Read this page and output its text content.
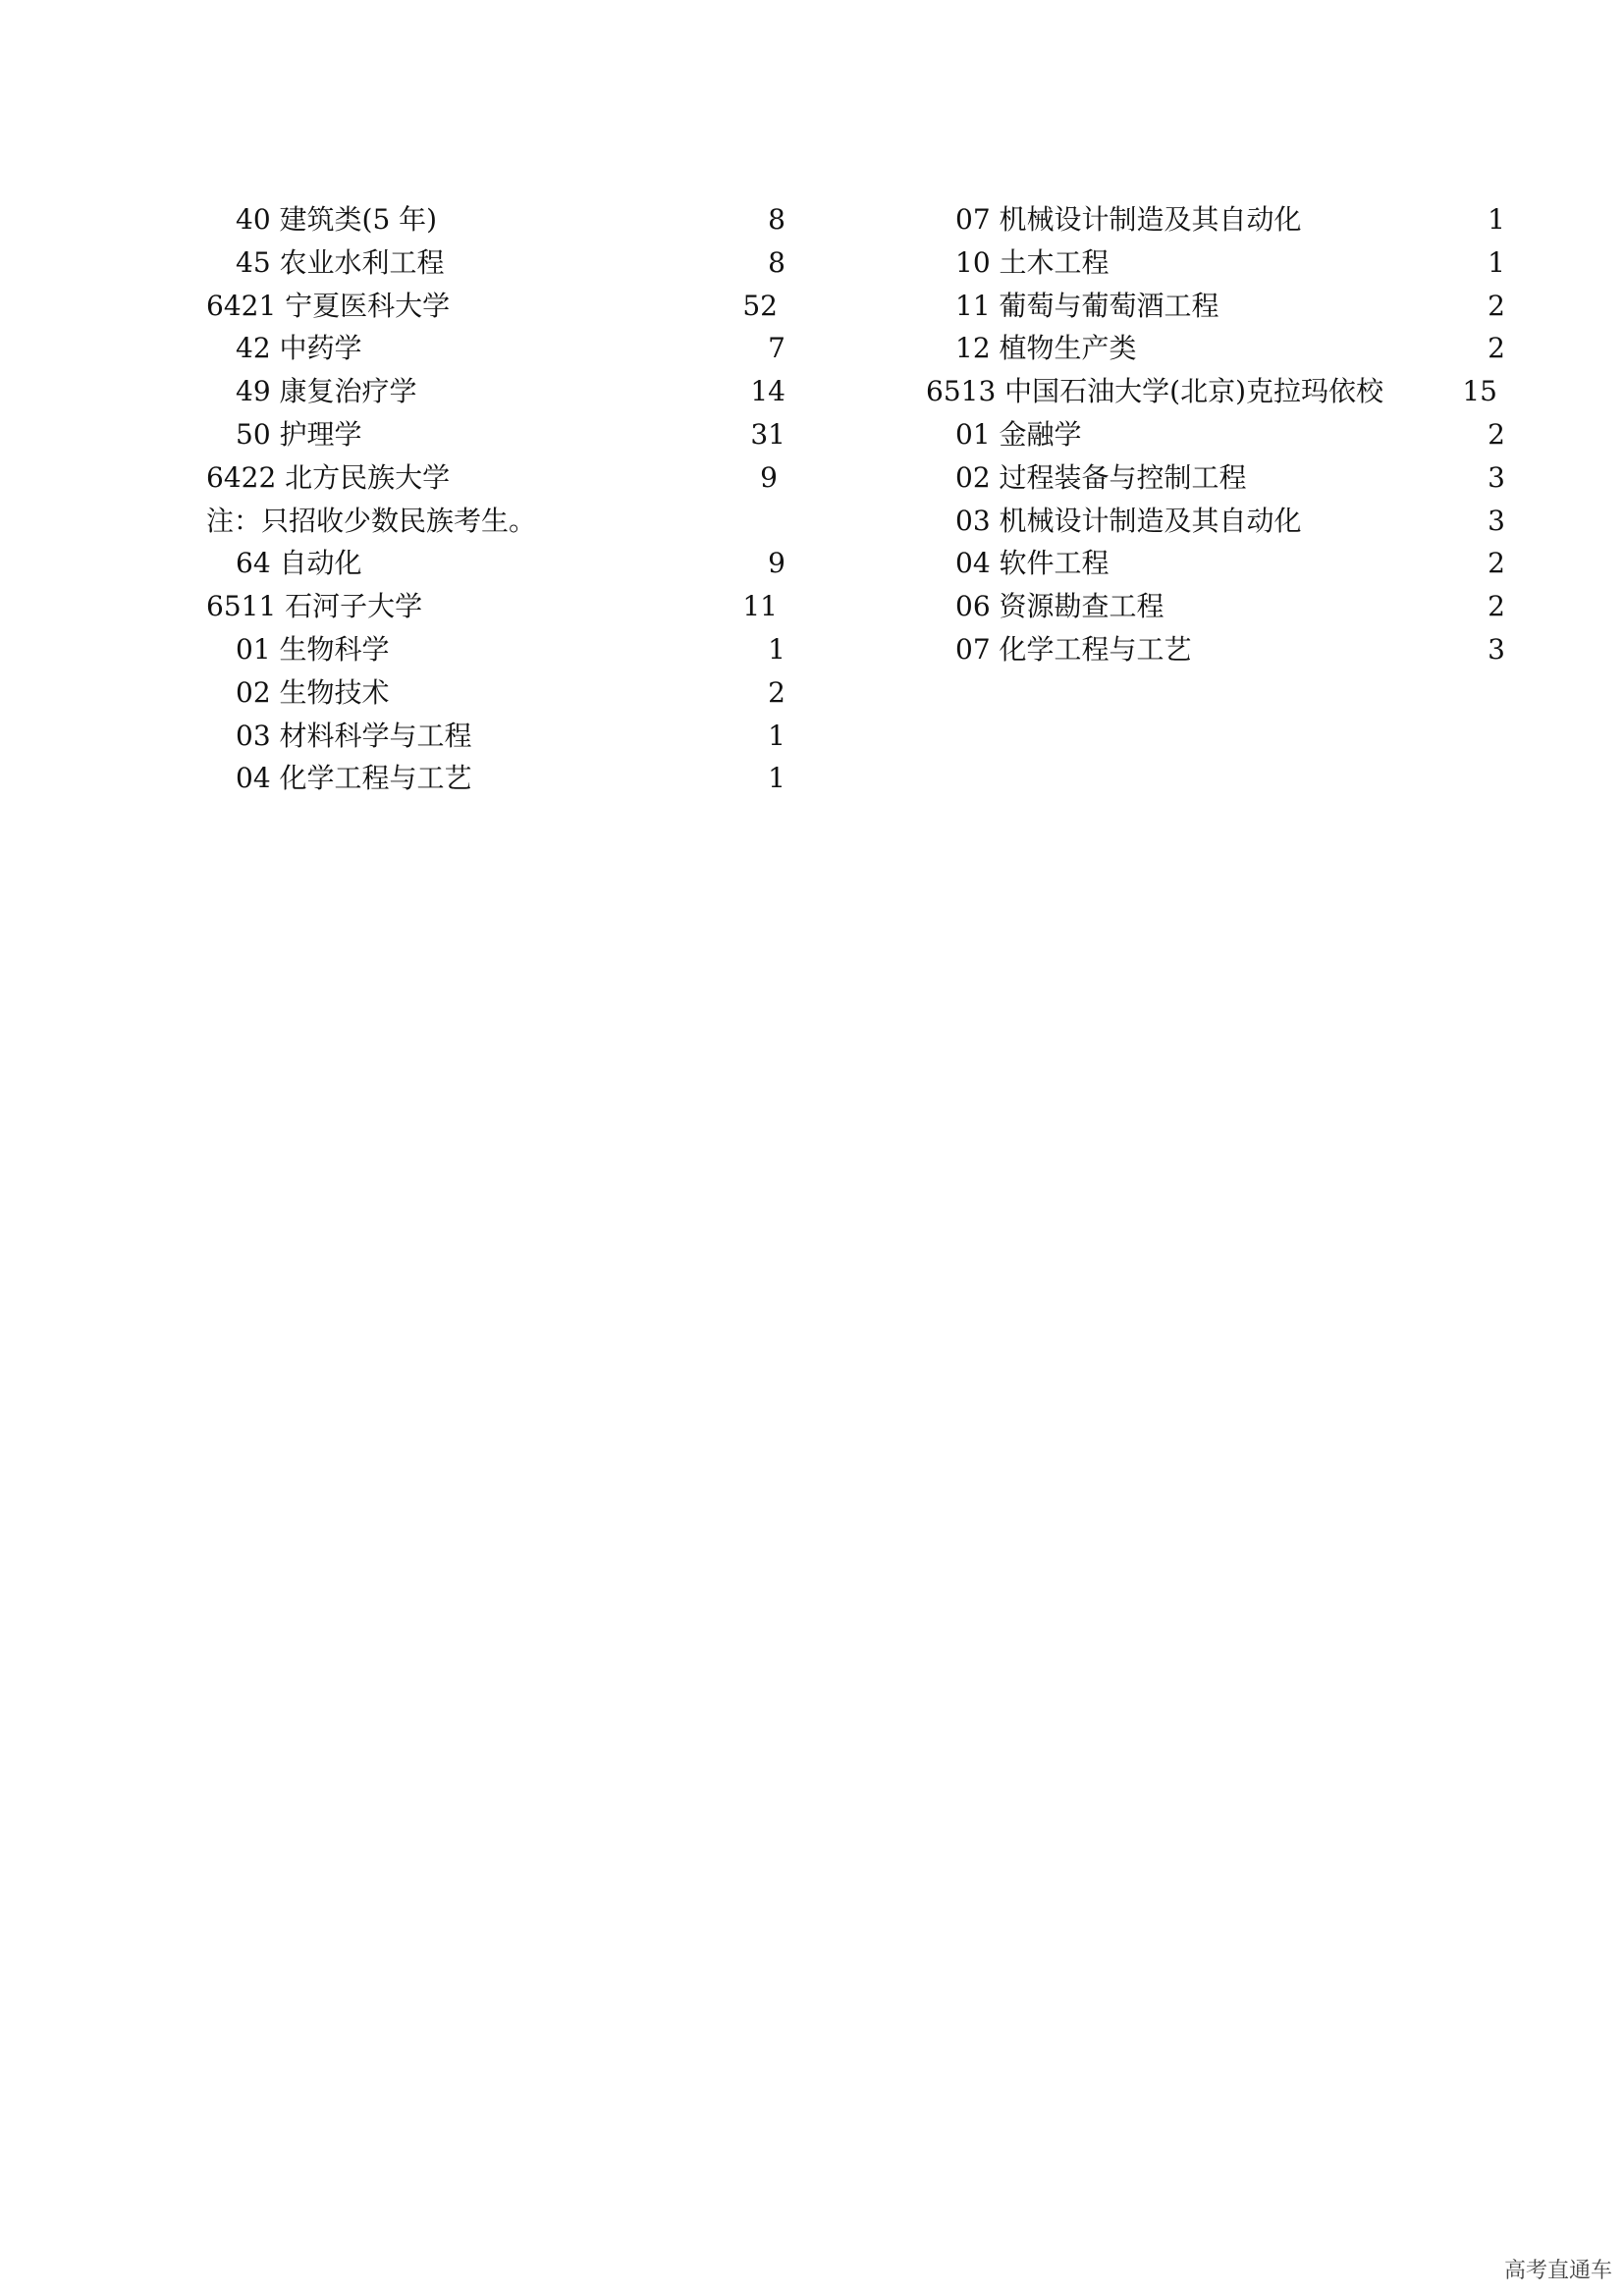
40 建筑类(5 年)	8
45 农业水利工程	8
6421 宁夏医科大学	52
42 中药学	7
49 康复治疗学	14
50 护理学	31
6422 北方民族大学	9
注：只招收少数民族考生。
64 自动化	9
6511 石河子大学	11
01 生物科学	1
02 生物技术	2
03 材料科学与工程	1
04 化学工程与工艺	1
07 机械设计制造及其自动化	1
10 土木工程	1
11 葡萄与葡萄酒工程	2
12 植物生产类	2
6513 中国石油大学(北京)克拉玛依校	15
01 金融学	2
02 过程装备与控制工程	3
03 机械设计制造及其自动化	3
04 软件工程	2
06 资源勘查工程	2
07 化学工程与工艺	3
高考直通车
